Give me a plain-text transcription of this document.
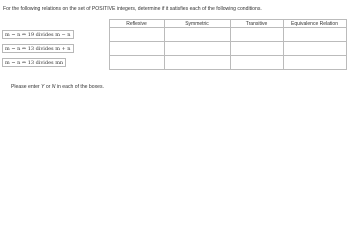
For the following relations on the set of POSITIVE integers, determine if it satisfies each of the following conditions.
	Reflexive	Symmetric	Transitive	Equivalence Relation
m ~ n ⇔ 19 divides m − n	

m ~ n ⇔ 13 divides m + n	

m ~ n ⇔ 13 divides mn	

Please enter Y or N in each of the boxes.
